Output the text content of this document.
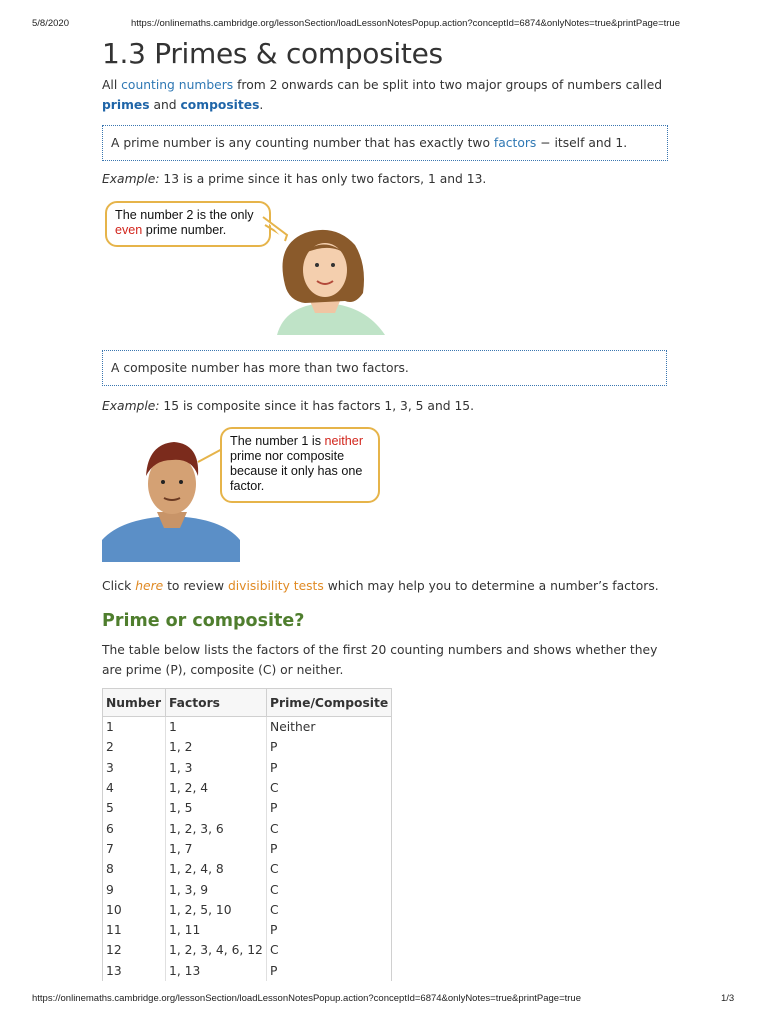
5/8/2020	https://onlinemaths.cambridge.org/lessonSection/loadLessonNotesPopup.action?conceptId=6874&onlyNotes=true&printPage=true
1.3 Primes & composites

All counting numbers from 2 onwards can be split into two major groups of numbers called primes and composites.

A prime number is any counting number that has exactly two factors − itself and 1.

Example: 13 is a prime since it has only two factors, 1 and 13.

The number 2 is the only
even prime number.
A composite number has more than two factors.

Example: 15 is composite since it has factors 1, 3, 5 and 15.

The number 1 is neither
prime nor composite
because it only has one
factor.

Click here to review divisibility tests which may help you to determine a number’s factors.

Prime or composite?

The table below lists the factors of the first 20 counting numbers and shows whether they are prime (P), composite (C) or neither.

Number	Factors	Prime/Composite
1	1	Neither
2	1, 2	P
3	1, 3	P
4	1, 2, 4	C
5	1, 5	P
6	1, 2, 3, 6	C
7	1, 7	P
8	1, 2, 4, 8	C
9	1, 3, 9	C
10	1, 2, 5, 10	C
11	1, 11	P
12	1, 2, 3, 4, 6, 12	C
13	1, 13	P
https://onlinemaths.cambridge.org/lessonSection/loadLessonNotesPopup.action?conceptId=6874&onlyNotes=true&printPage=true	1/3
